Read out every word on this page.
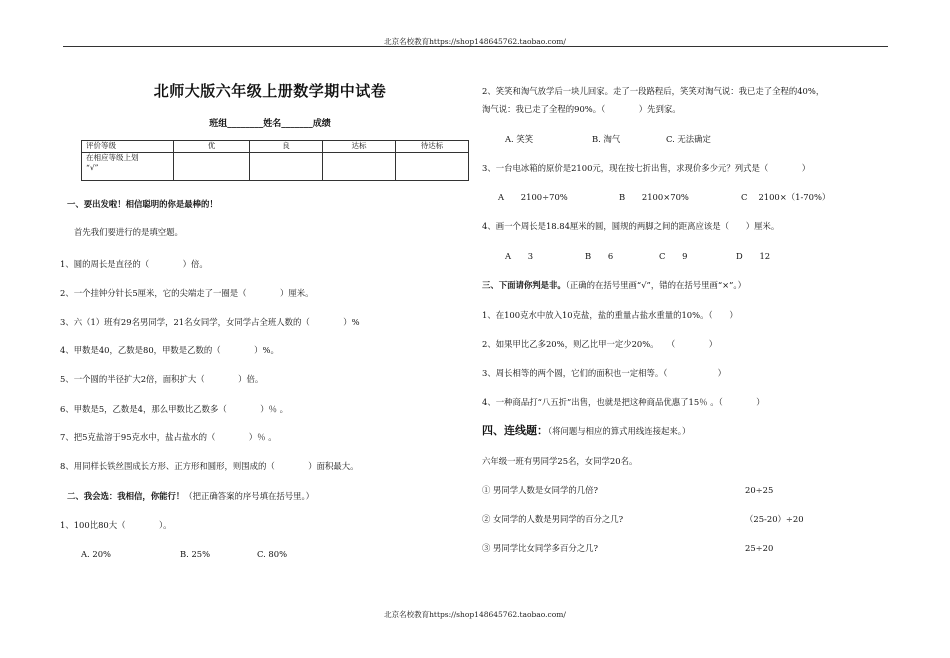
北京名校教育https://shop148645762.taobao.com/
北师大版六年级上册数学期中试卷
班组________姓名_______成绩
评价等级	优	良	达标	待达标

在相应等级上划
“√”				

一、要出发啦！相信聪明的你是最棒的！
首先我们要进行的是填空题。
1、圆的周长是直径的（　　　　）倍。
2、一个挂钟分针长5厘米，它的尖端走了一圈是（　　　　）厘米。
3、六（1）班有29名男同学，21名女同学，女同学占全班人数的（　　　　）%
4、甲数是40，乙数是80，甲数是乙数的（　　　　）%。
5、一个圆的半径扩大2倍，面积扩大（　　　　）倍。
6、甲数是5，乙数是4，那么甲数比乙数多（　　　　）％ 。
7、把5克盐溶于95克水中，盐占盐水的（　　　　）％ 。
8、用同样长铁丝围成长方形、正方形和圆形，则围成的（　　　　）面积最大。
二、我会选：我相信，你能行！（把正确答案的序号填在括号里。）
1、100比80大（　　　　）。
A. 20%	B. 25%	C. 80%
2、笑笑和淘气放学后一块儿回家。走了一段路程后，笑笑对淘气说：我已走了全程的40%，
淘气说：我已走了全程的90%。（　　　　）先到家。
A. 笑笑	B. 淘气	C. 无法确定
3、一台电冰箱的原价是2100元，现在按七折出售，求现价多少元？列式是（　　　　）
A　　2100÷70%	B　　2100×70%	C　 2100×（1-70%）
4、画一个周长是18.84厘米的圆，圆规的两脚之间的距离应该是（　　）厘米。
A　　3	B　　6	C　　9	D　　12
三、下面请你判是非。（正确的在括号里画“√”，错的在括号里画“×”。）
1、在100克水中放入10克盐，盐的重量占盐水重量的10%。（　　）
2、如果甲比乙多20%，则乙比甲一定少20%。　　（　　　　）
3、周长相等的两个圆，它们的面积也一定相等。（　　　　　　）
4、一种商品打“八五折”出售，也就是把这种商品优惠了15％ 。（　　　　）
四、连线题：（将问题与相应的算式用线连接起来。）
六年级一班有男同学25名，女同学20名。
① 男同学人数是女同学的几倍?	20÷25
② 女同学的人数是男同学的百分之几?	（25-20）÷20
③ 男同学比女同学多百分之几?	25÷20
北京名校教育https://shop148645762.taobao.com/
